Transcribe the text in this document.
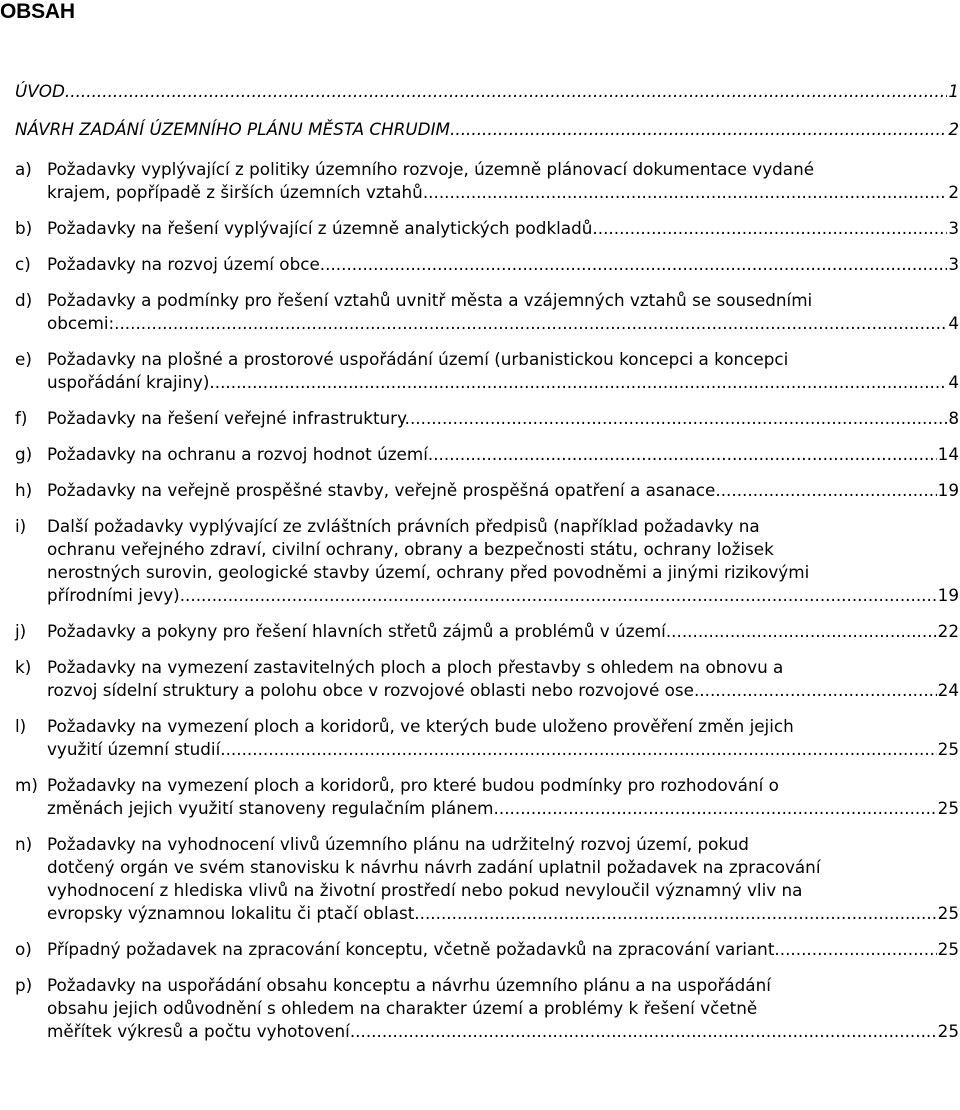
OBSAH
ÚVOD .....	1
NÁVRH ZADÁNÍ ÚZEMNÍHO PLÁNU MĚSTA CHRUDIM .....	2
a) Požadavky vyplývající z politiky územního rozvoje, územně plánovací dokumentace vydané
krajem, popřípadě z širších územních vztahů. .....	2
b) Požadavky na řešení vyplývající z územně analytických podkladů. .....	3
c) Požadavky na rozvoj území obce. .....	3
d) Požadavky a podmínky pro řešení vztahů uvnitř města a vzájemných vztahů se sousedními
obcemi: .....	4
e) Požadavky na plošné a prostorové uspořádání území (urbanistickou koncepci a koncepci
uspořádání krajiny). .....	4
f)	Požadavky na řešení veřejné infrastruktury. .....	8
g) Požadavky na ochranu a rozvoj hodnot území. .....	14
h) Požadavky na veřejně prospěšné stavby, veřejně prospěšná opatření a asanace. .....	19
i)	Další požadavky vyplývající ze zvláštních právních předpisů (například požadavky na
ochranu veřejného zdraví, civilní ochrany, obrany a bezpečnosti státu, ochrany ložisek
nerostných surovin, geologické stavby území, ochrany před povodněmi a jinými rizikovými
přírodními jevy). .....	19
j)	Požadavky a pokyny pro řešení hlavních střetů zájmů a problémů v území. .....	22
k) Požadavky na vymezení zastavitelných ploch a ploch přestavby s ohledem na obnovu a
rozvoj sídelní struktury a polohu obce v rozvojové oblasti nebo rozvojové ose. .....	24
l)	Požadavky na vymezení ploch a koridorů, ve kterých bude uloženo prověření změn jejich
využití územní studií. .....	25
m) Požadavky na vymezení ploch a koridorů, pro které budou podmínky pro rozhodování o
změnách jejich využití stanoveny regulačním plánem. .....	25
n) Požadavky na vyhodnocení vlivů územního plánu na udržitelný rozvoj území, pokud
dotčený orgán ve svém stanovisku k návrhu návrh zadání uplatnil požadavek na zpracování
vyhodnocení z hlediska vlivů na životní prostředí nebo pokud nevyloučil významný vliv na
evropsky významnou lokalitu či ptačí oblast. .....	25
o) Případný požadavek na zpracování konceptu, včetně požadavků na zpracování variant. .....	25
p) Požadavky na uspořádání obsahu konceptu a návrhu územního plánu a na uspořádání
obsahu jejich odůvodnění s ohledem na charakter území a problémy k řešení včetně
měřítek výkresů a počtu vyhotovení. .....	25
